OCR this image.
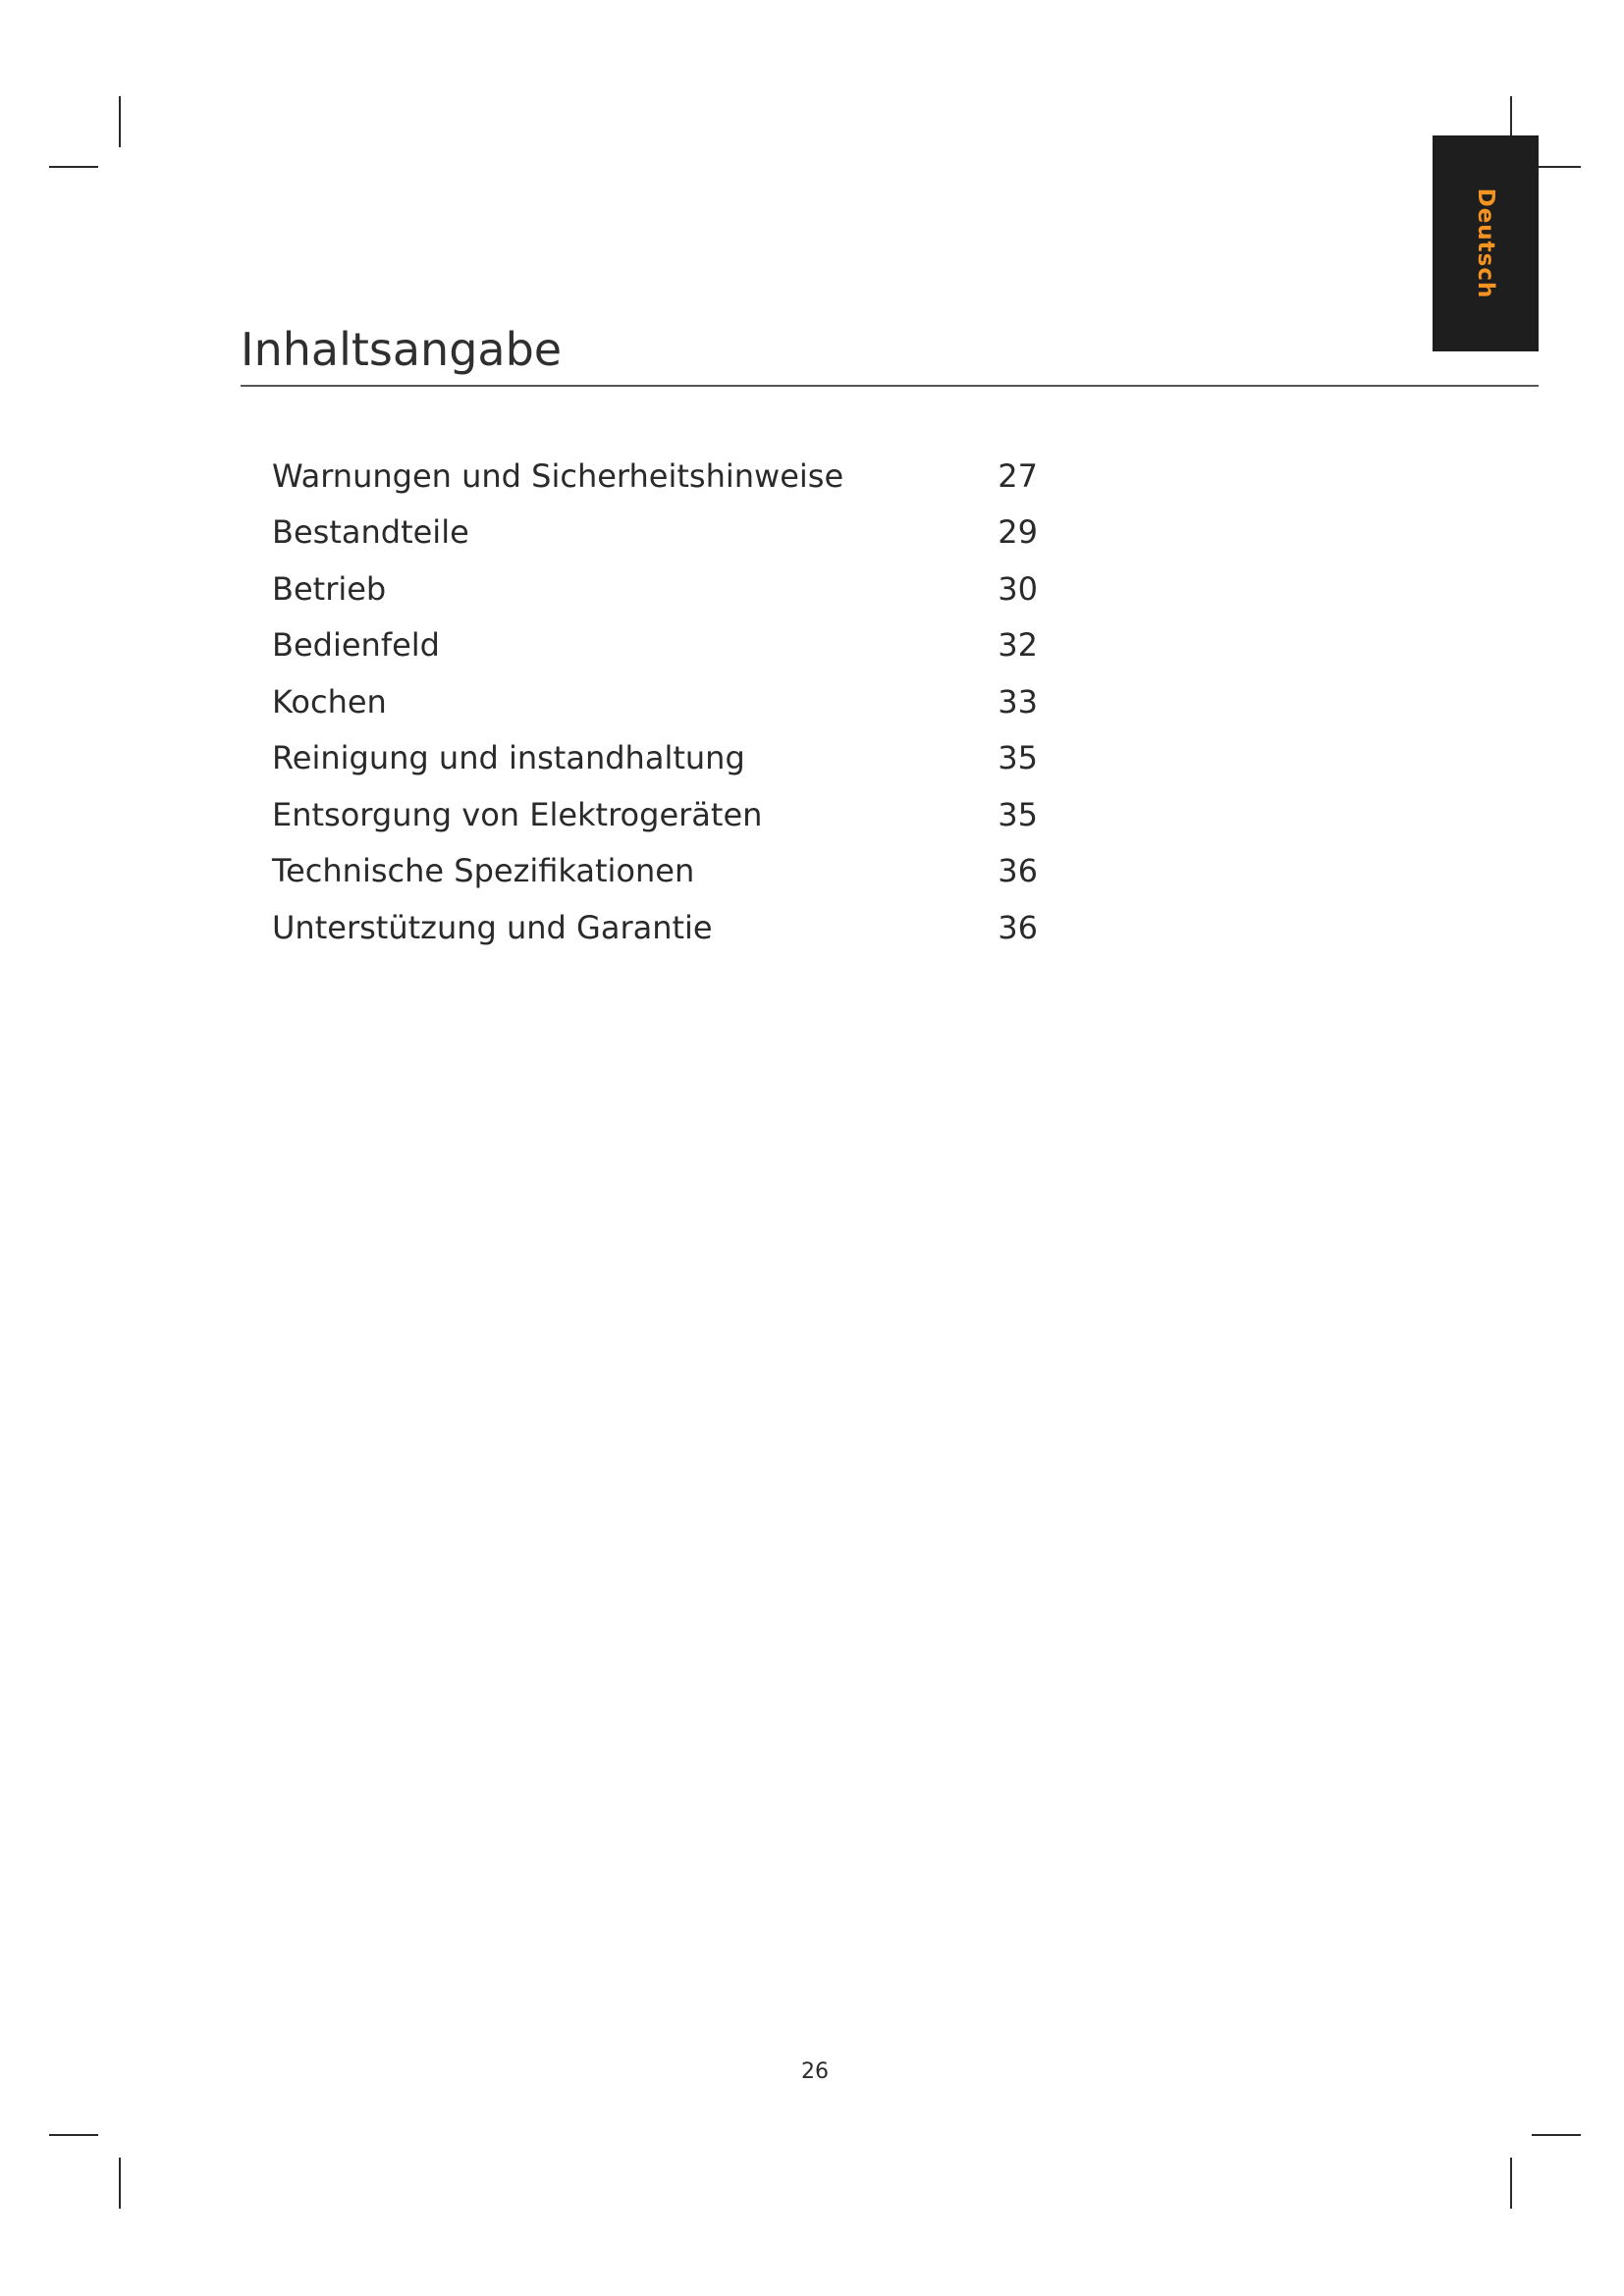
Deutsch
Inhaltsangabe
Warnungen und Sicherheitshinweise	27
Bestandteile	29
Betrieb	30
Bedienfeld	32
Kochen	33
Reinigung und instandhaltung	35
Entsorgung von Elektrogeräten	35
Technische Spezifikationen	36
Unterstützung und Garantie	36
26
